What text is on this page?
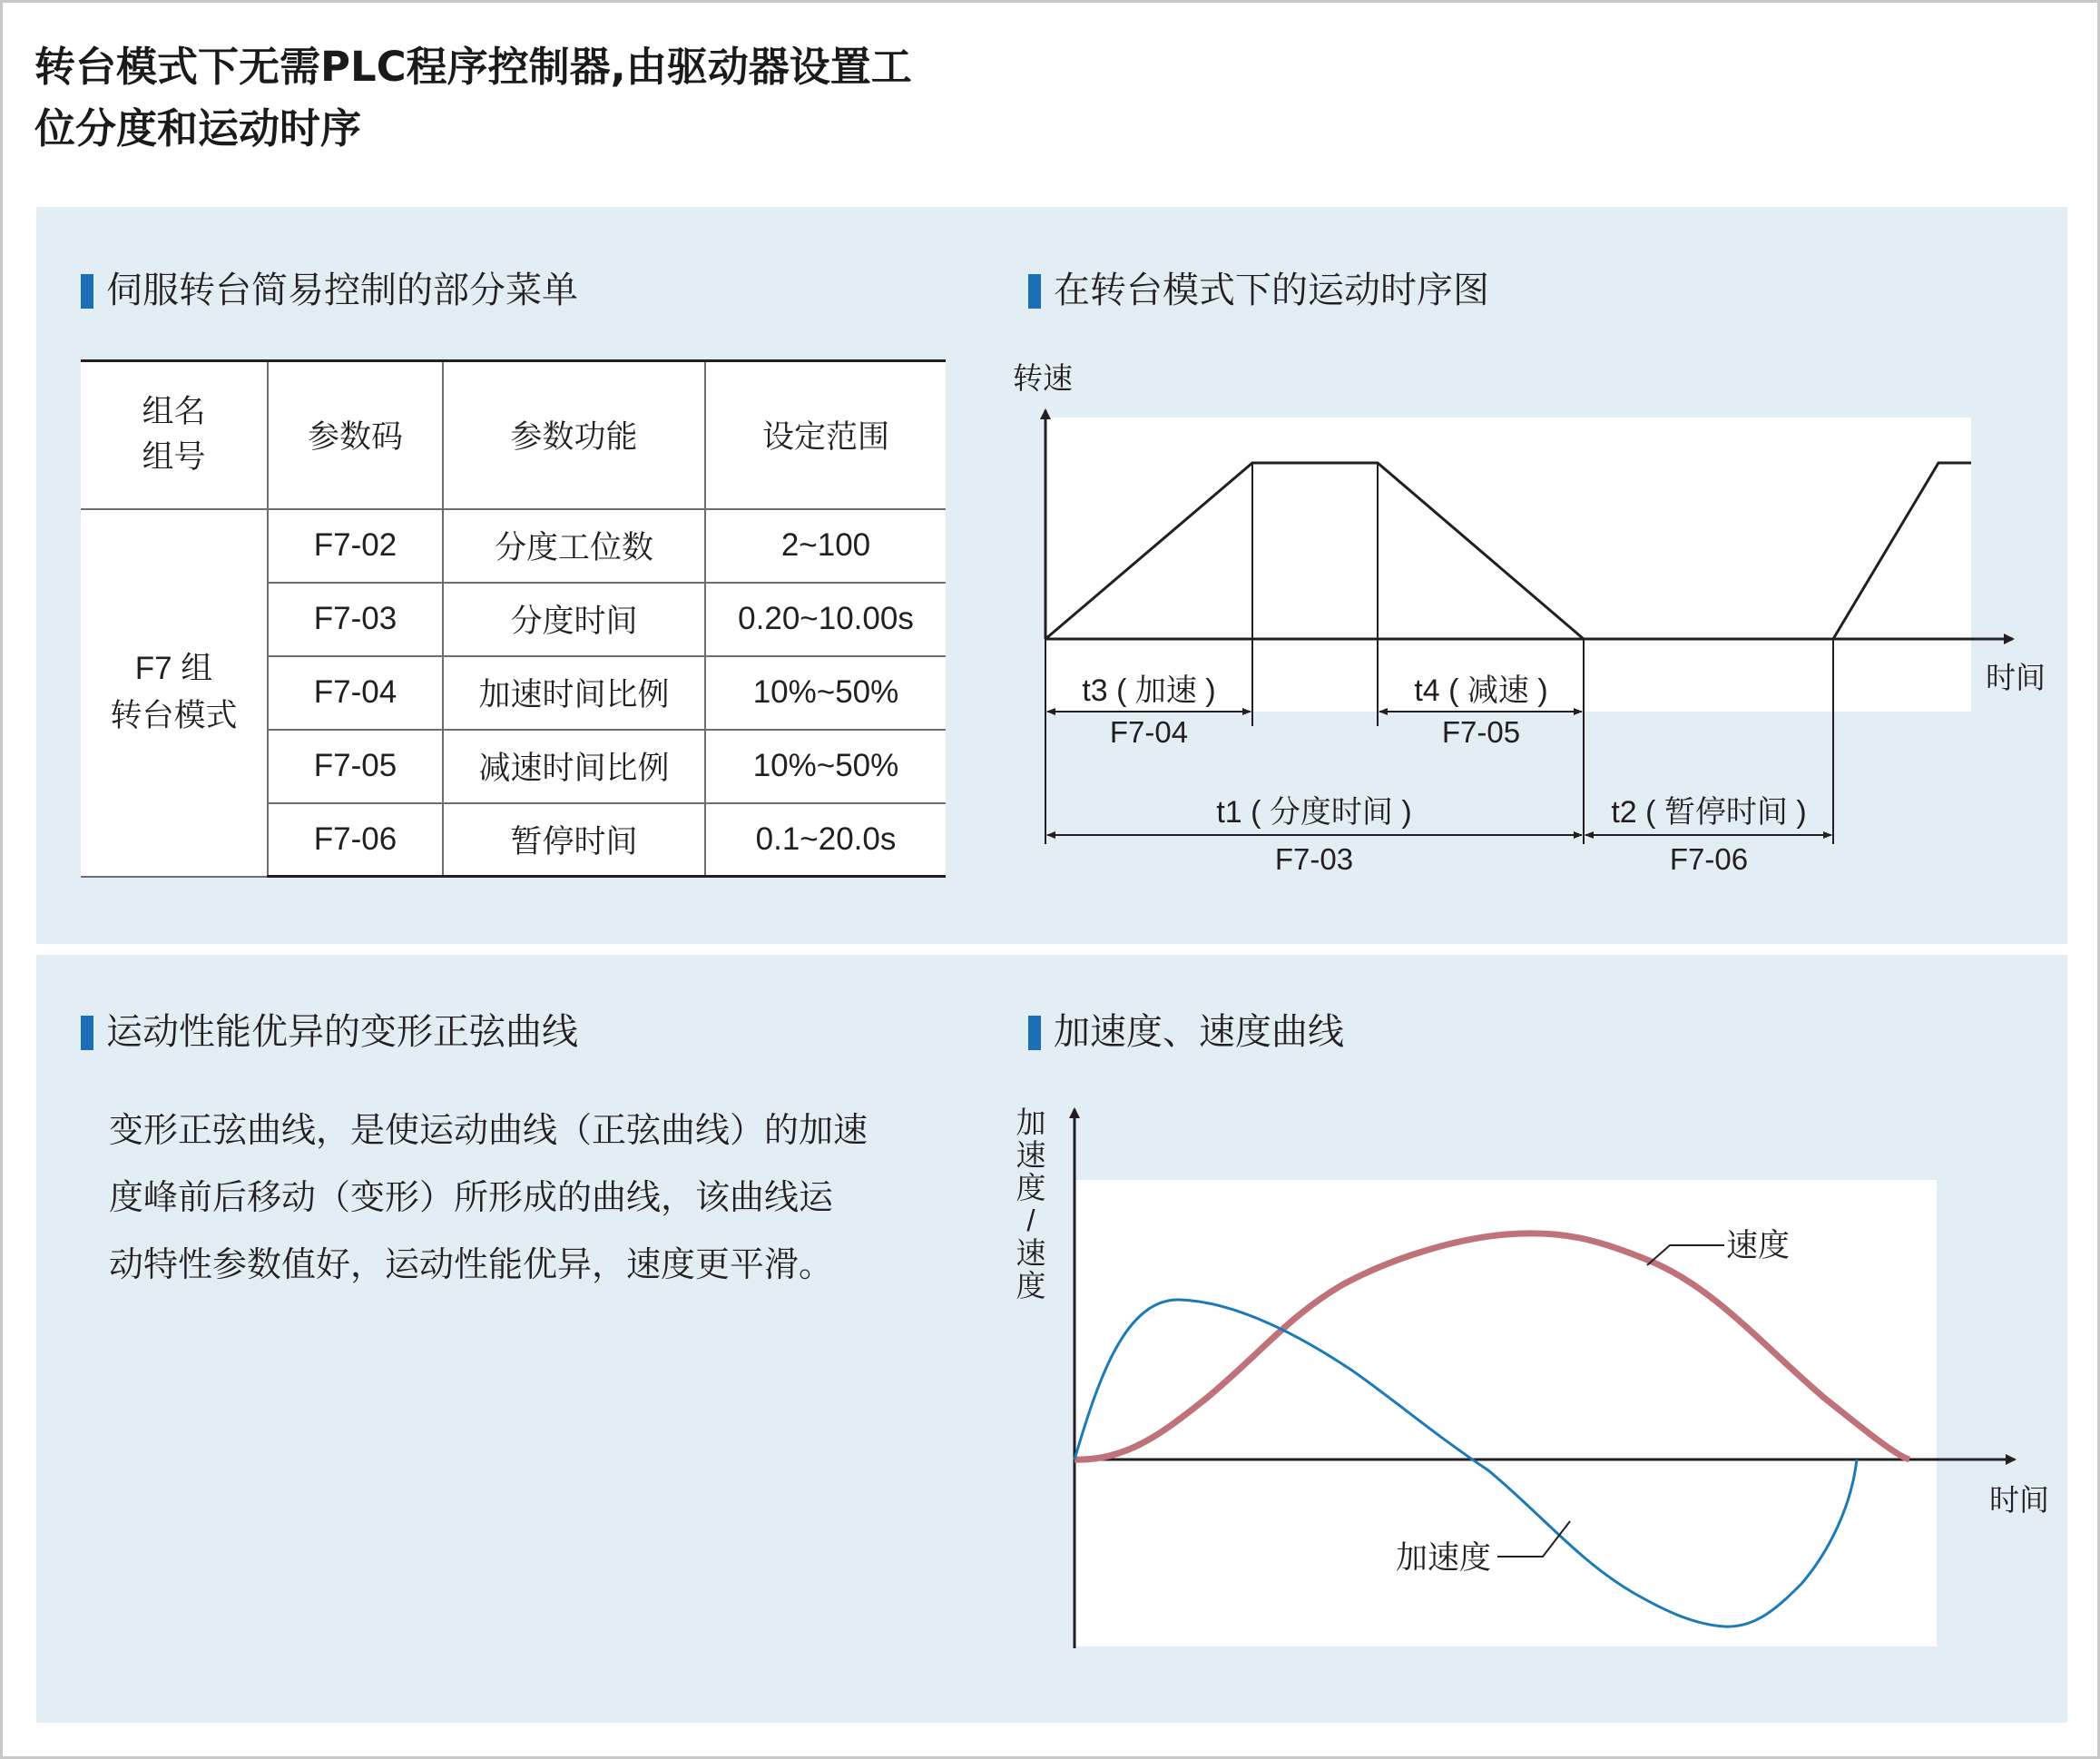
转台模式下无需PLC程序控制器,由驱动器设置工
位分度和运动时序
伺服转台简易控制的部分菜单
组名
组号	参数码	参数功能	设定范围

F7 组
转台模式	F7-02	分度工位数	2~100
	F7-03	分度时间	0.20~10.00s
	F7-04	加速时间比例	10%~50%
	F7-05	减速时间比例	10%~50%
	F7-06	暂停时间	0.1~20.0s
在转台模式下的运动时序图
转速
时间
t3 ( 加速 )
F7-04
t4 ( 减速 )
F7-05
t1 ( 分度时间 )
F7-03
t2 ( 暂停时间 )
F7-06
运动性能优异的变形正弦曲线
变形正弦曲线，是使运动曲线（正弦曲线）的加速
度峰前后移动（变形）所形成的曲线，该曲线运
动特性参数值好，运动性能优异，速度更平滑。
加速度、速度曲线
加
速
度
/
速
度
时间
速度
加速度
